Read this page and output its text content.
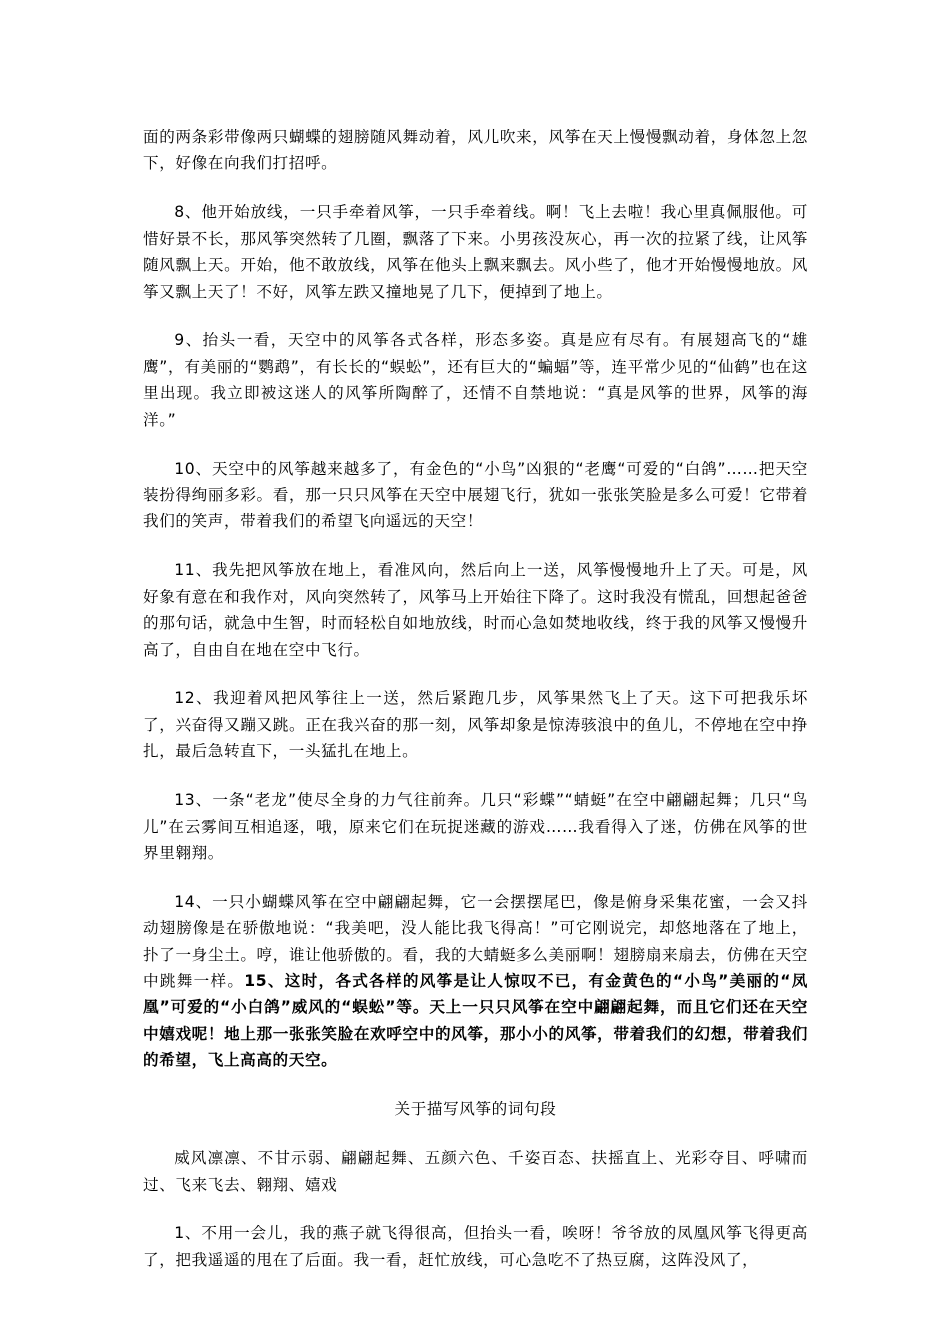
面的两条彩带像两只蝴蝶的翅膀随风舞动着，风儿吹来，风筝在天上慢慢飘动着，身体忽上忽下，好像在向我们打招呼。

8、他开始放线，一只手牵着风筝，一只手牵着线。啊！飞上去啦！我心里真佩服他。可惜好景不长，那风筝突然转了几圈，飘落了下来。小男孩没灰心，再一次的拉紧了线，让风筝随风飘上天。开始，他不敢放线，风筝在他头上飘来飘去。风小些了，他才开始慢慢地放。风筝又飘上天了！不好，风筝左跌又撞地晃了几下，便掉到了地上。

9、抬头一看，天空中的风筝各式各样，形态多姿。真是应有尽有。有展翅高飞的“雄鹰”，有美丽的“鹦鹉”，有长长的“蜈蚣”，还有巨大的“蝙蝠”等，连平常少见的“仙鹤”也在这里出现。我立即被这迷人的风筝所陶醉了，还情不自禁地说：“真是风筝的世界，风筝的海洋。”

10、天空中的风筝越来越多了，有金色的“小鸟”凶狠的“老鹰“可爱的“白鸽”……把天空装扮得绚丽多彩。看，那一只只风筝在天空中展翅飞行，犹如一张张笑脸是多么可爱！它带着我们的笑声，带着我们的希望飞向遥远的天空！

11、我先把风筝放在地上，看准风向，然后向上一送，风筝慢慢地升上了天。可是，风好象有意在和我作对，风向突然转了，风筝马上开始往下降了。这时我没有慌乱，回想起爸爸的那句话，就急中生智，时而轻松自如地放线，时而心急如焚地收线，终于我的风筝又慢慢升高了，自由自在地在空中飞行。

12、我迎着风把风筝往上一送，然后紧跑几步，风筝果然飞上了天。这下可把我乐坏了，兴奋得又蹦又跳。正在我兴奋的那一刻，风筝却象是惊涛骇浪中的鱼儿，不停地在空中挣扎，最后急转直下，一头猛扎在地上。

13、一条“老龙”使尽全身的力气往前奔。几只“彩蝶”“蜻蜓”在空中翩翩起舞；几只“鸟儿”在云雾间互相追逐，哦，原来它们在玩捉迷藏的游戏……我看得入了迷，仿佛在风筝的世界里翱翔。

14、一只小蝴蝶风筝在空中翩翩起舞，它一会摆摆尾巴，像是俯身采集花蜜，一会又抖动翅膀像是在骄傲地说：“我美吧，没人能比我飞得高！”可它刚说完，却悠地落在了地上，扑了一身尘土。哼，谁让他骄傲的。看，我的大蜻蜓多么美丽啊！翅膀扇来扇去，仿佛在天空中跳舞一样。15、这时，各式各样的风筝是让人惊叹不已，有金黄色的“小鸟”美丽的“凤凰”可爱的“小白鸽”威风的“蜈蚣”等。天上一只只风筝在空中翩翩起舞，而且它们还在天空中嬉戏呢！地上那一张张笑脸在欢呼空中的风筝，那小小的风筝，带着我们的幻想，带着我们的希望，飞上高高的天空。

关于描写风筝的词句段

威风凛凛、不甘示弱、翩翩起舞、五颜六色、千姿百态、扶摇直上、光彩夺目、呼啸而过、飞来飞去、翱翔、嬉戏

1、不用一会儿，我的燕子就飞得很高，但抬头一看，唉呀！爷爷放的凤凰风筝飞得更高了，把我遥遥的甩在了后面。我一看，赶忙放线，可心急吃不了热豆腐，这阵没风了，
